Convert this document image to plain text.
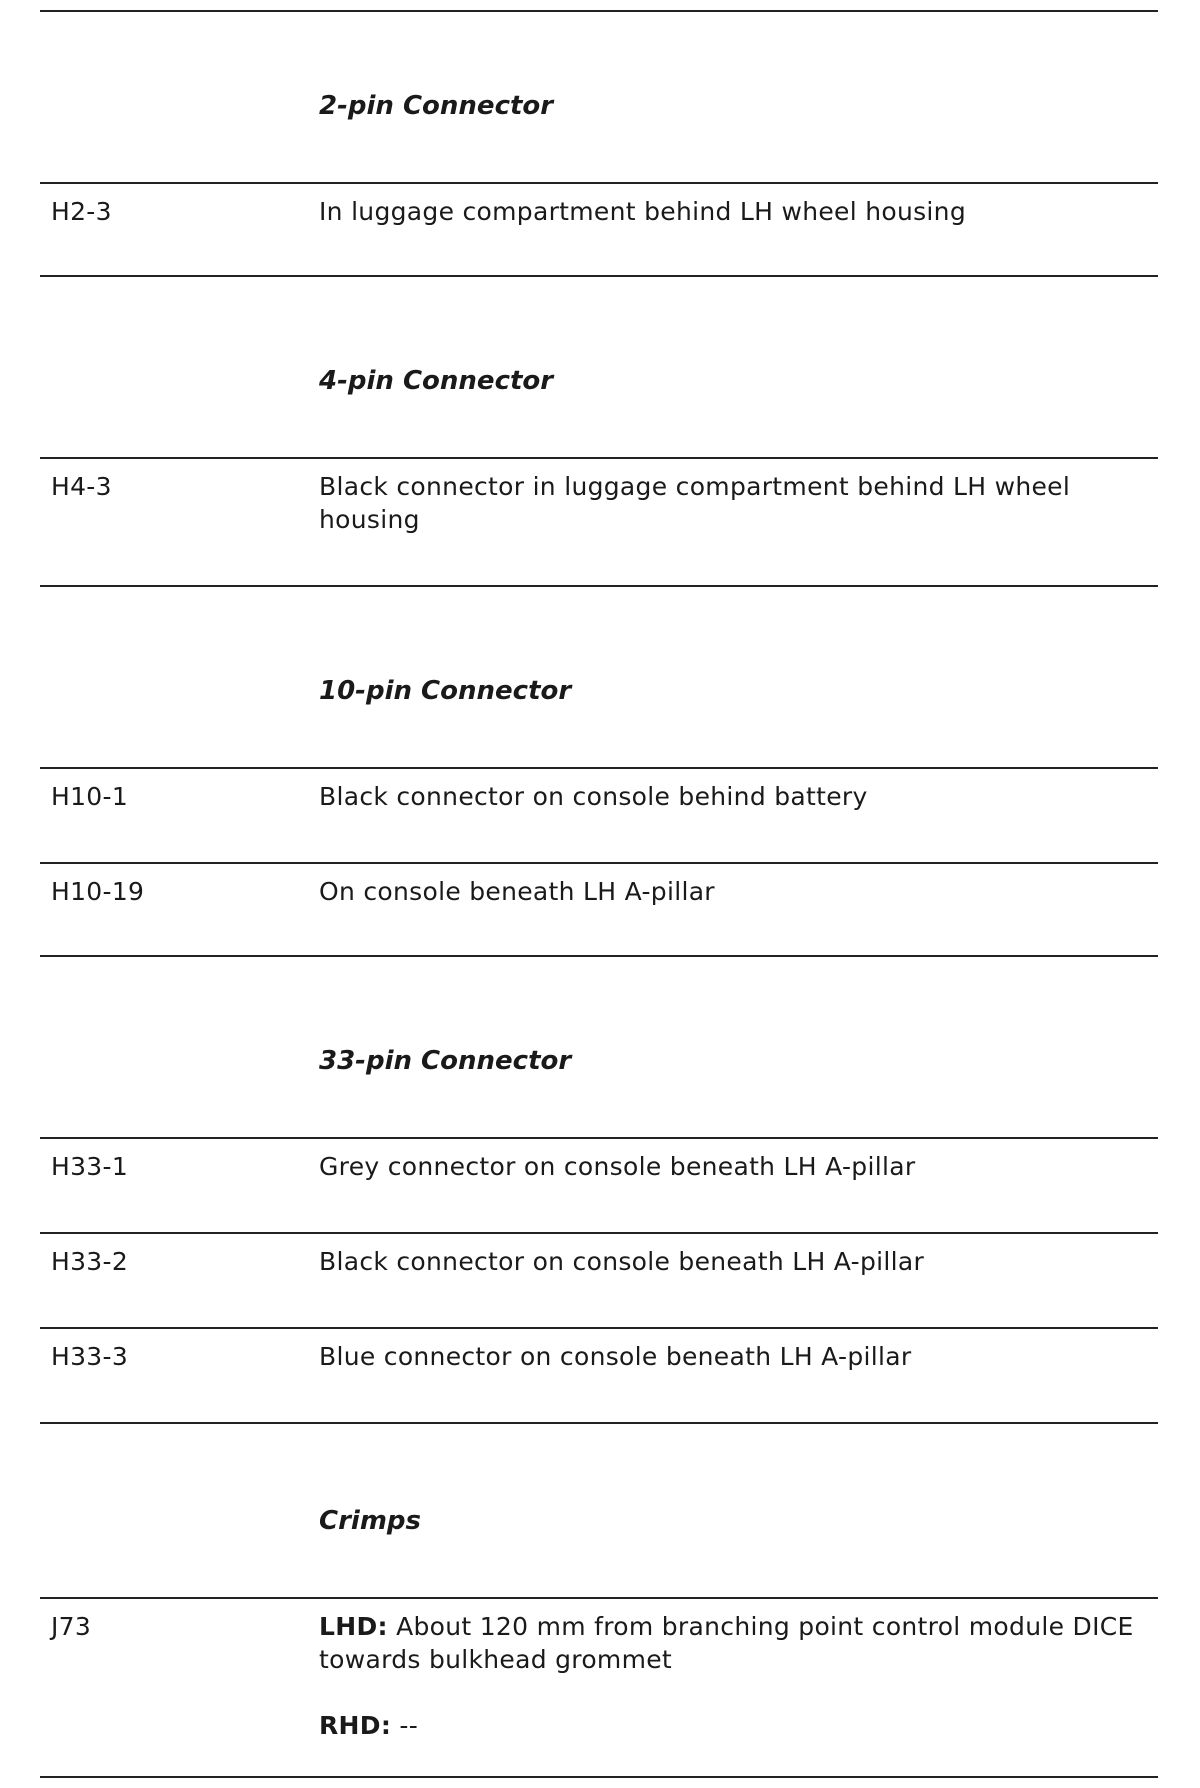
2-pin Connector
H2-3	In luggage compartment behind LH wheel housing
4-pin Connector
H4-3	Black connector in luggage compartment behind LH wheel housing
10-pin Connector
H10-1	Black connector on console behind battery
H10-19	On console beneath LH A-pillar
33-pin Connector
H33-1	Grey connector on console beneath LH A-pillar
H33-2	Black connector on console beneath LH A-pillar
H33-3	Blue connector on console beneath LH A-pillar
Crimps
J73	LHD: About 120 mm from branching point control module DICE towards bulkhead grommet

RHD: --
